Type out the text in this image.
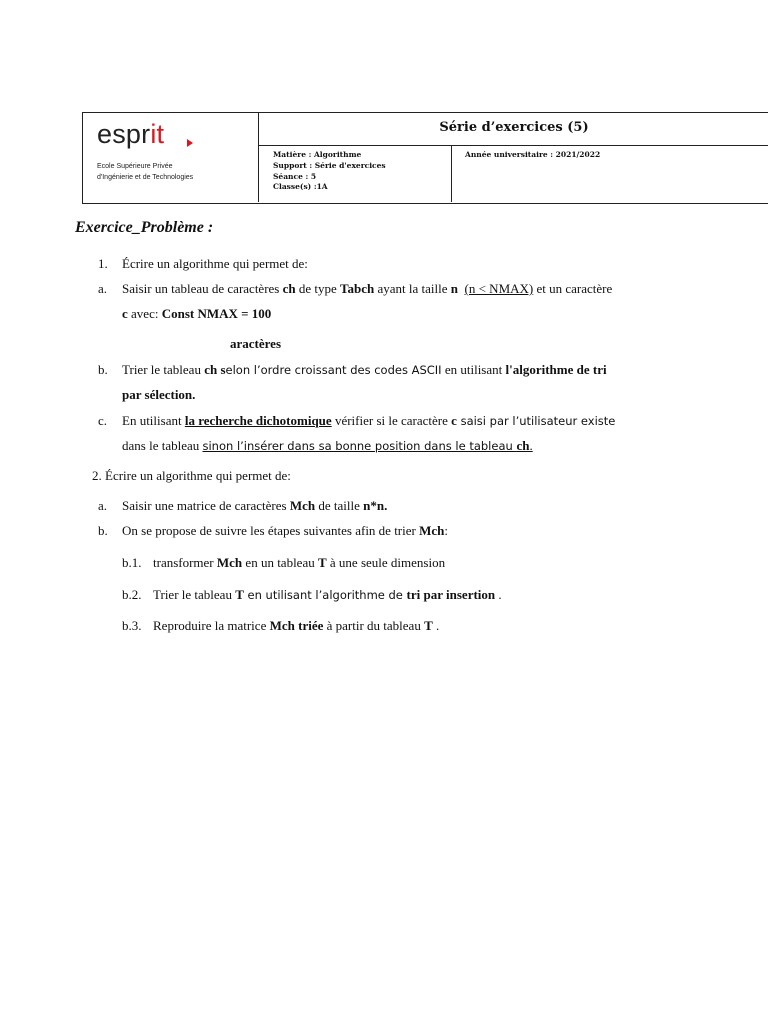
esprit
Ecole Supérieure Privée
d'Ingénierie et de Technologies
Série d’exercices (5)
Matière : Algorithme
Support : Série d'exercices
Séance : 5
Classe(s) :1A
Année universitaire : 2021/2022
Exercice_Problème :
1. Écrire un algorithme qui permet de:
a. Saisir un tableau de caractères ch de type Tabch ayant la taille n (n < NMAX) et un caractère
c avec: Const NMAX = 100
aractères
b. Trier le tableau ch selon l’ordre croissant des codes ASCII en utilisant l'algorithme de tri
par sélection.
c. En utilisant la recherche dichotomique vérifier si le caractère c saisi par l’utilisateur existe
dans le tableau sinon l’insérer dans sa bonne position dans le tableau ch.
2. Écrire un algorithme qui permet de:
a. Saisir une matrice de caractères Mch de taille n*n.
b. On se propose de suivre les étapes suivantes afin de trier Mch:
b.1. transformer Mch en un tableau T à une seule dimension
b.2. Trier le tableau T en utilisant l’algorithme de tri par insertion .
b.3. Reproduire la matrice Mch triée à partir du tableau T .
